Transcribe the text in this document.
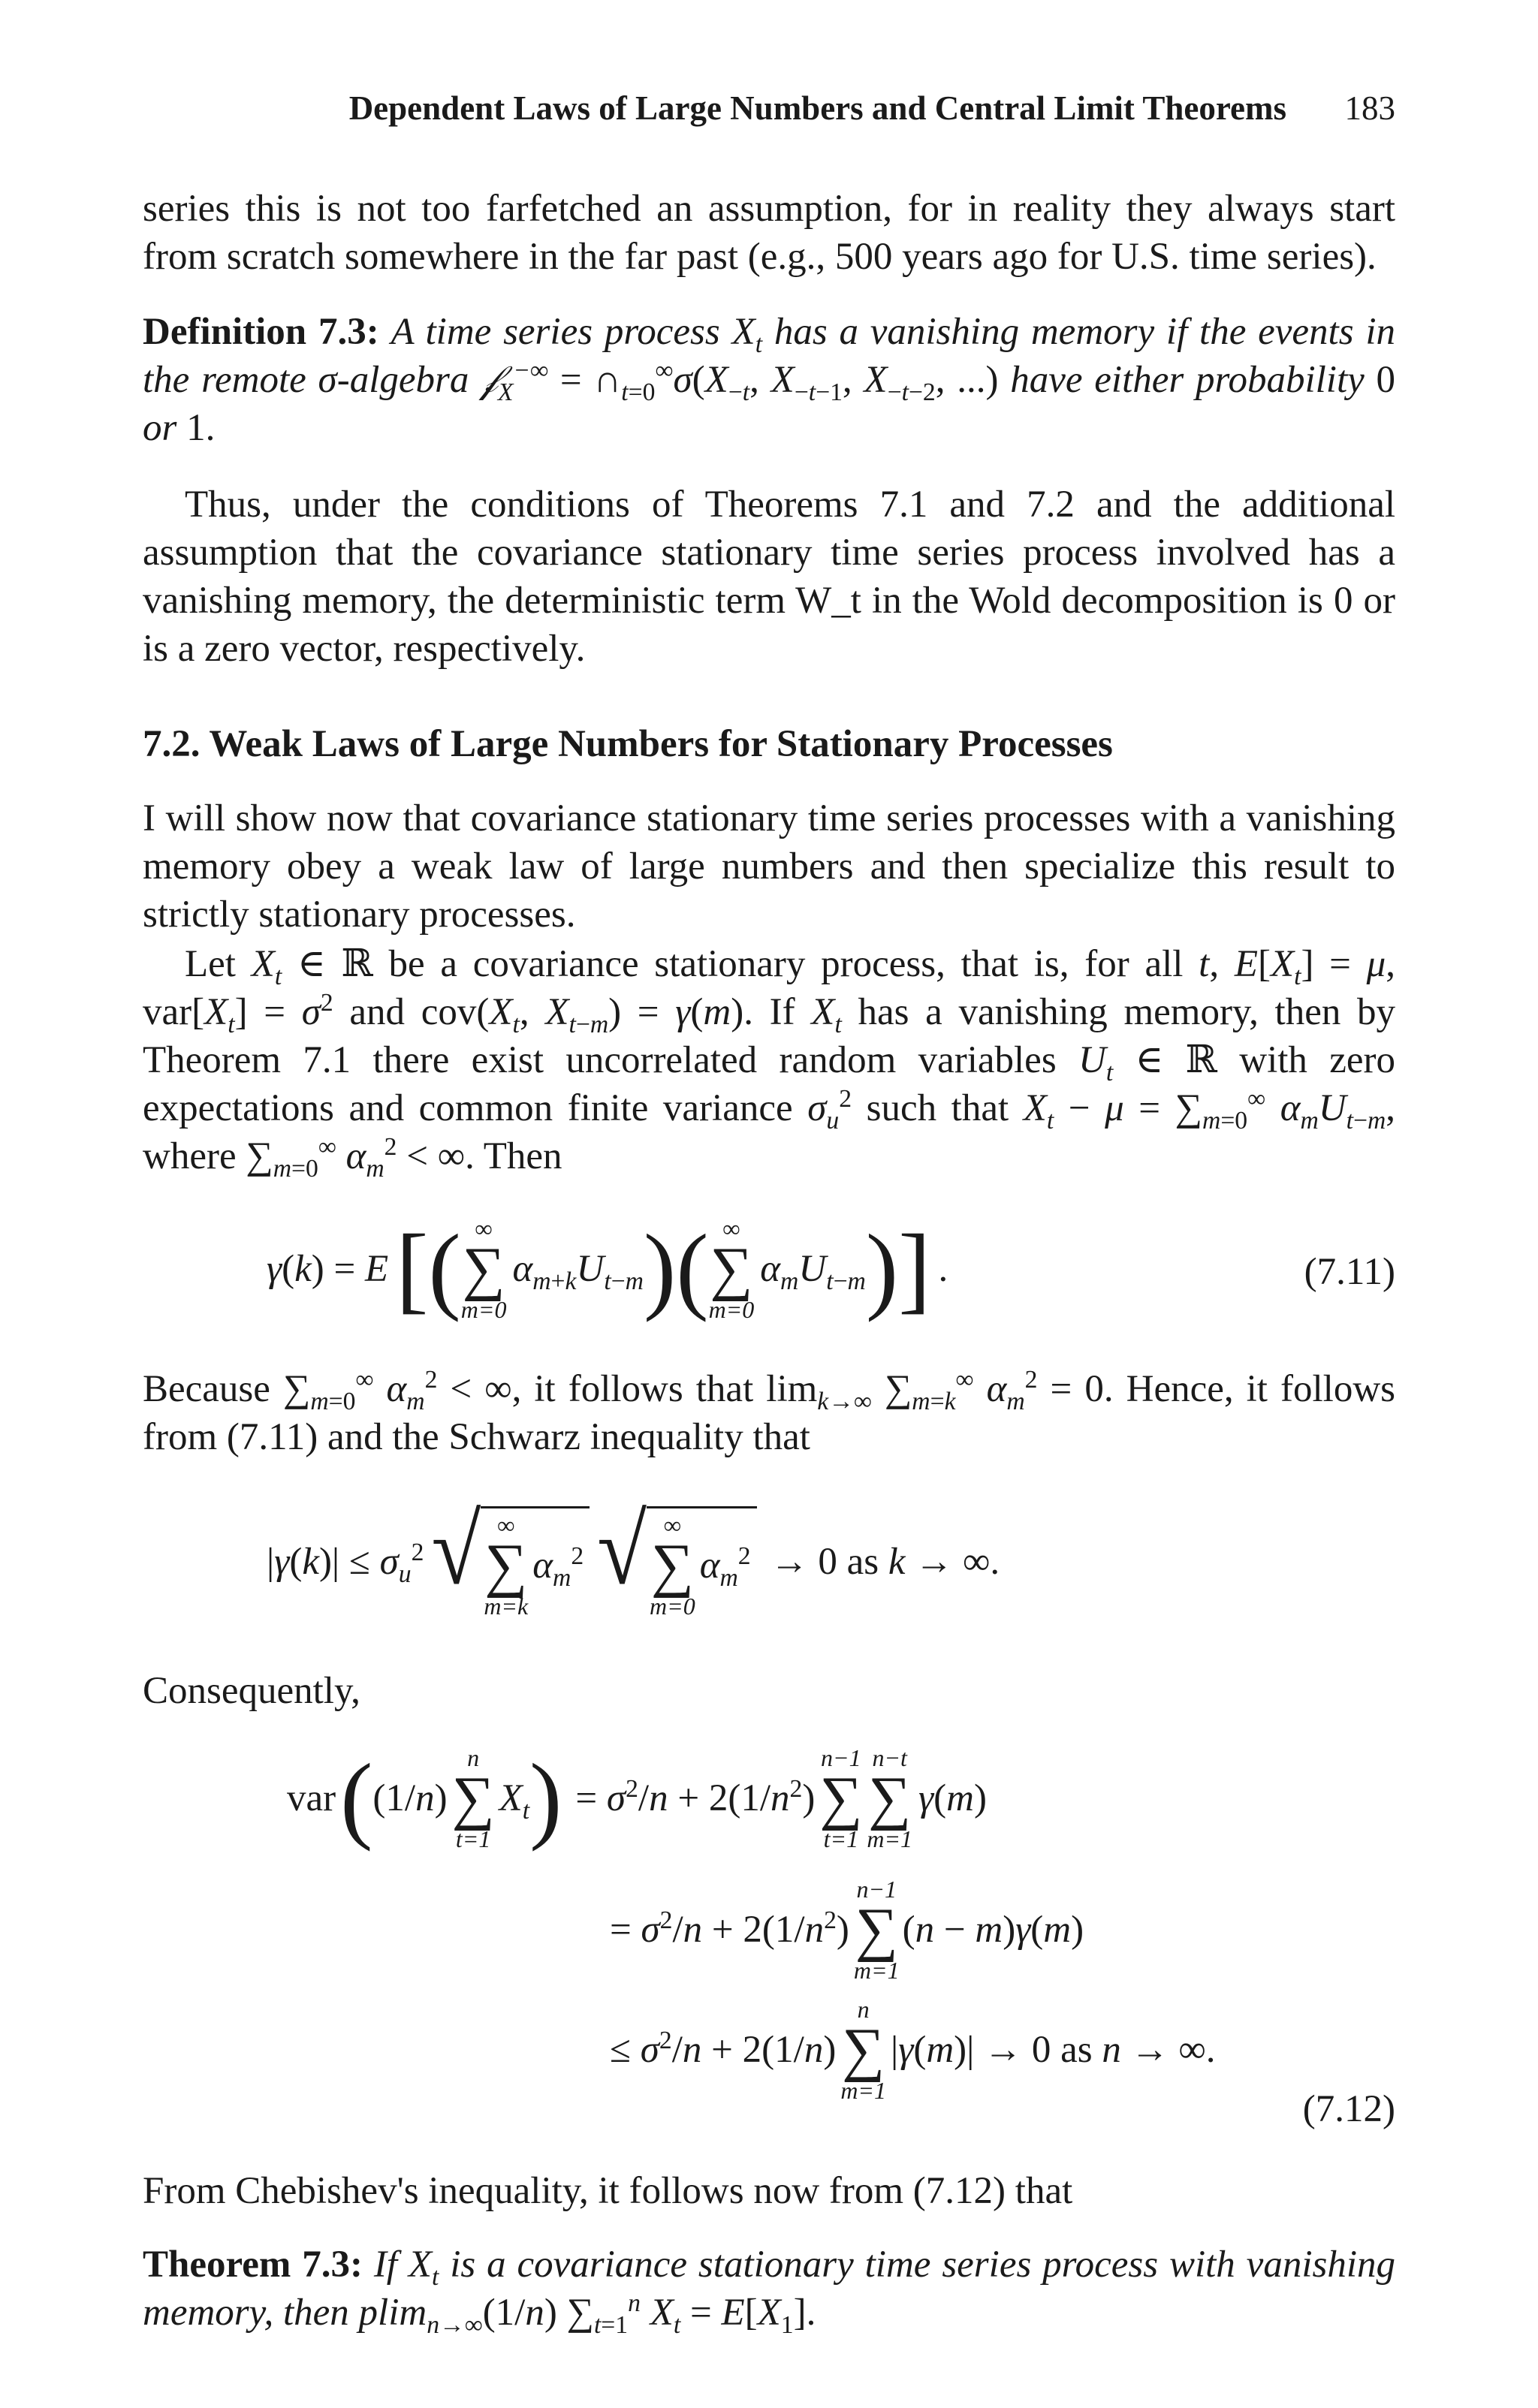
Dependent Laws of Large Numbers and Central Limit Theorems 183

series this is not too farfetched an assumption, for in reality they always start from scratch somewhere in the far past (e.g., 500 years ago for U.S. time series).

Definition 7.3: A time series process $X_t$ has a vanishing memory if the events in the remote σ-algebra 𝒻$_X$−∞ = $\cap_{t=0}^\infty\sigma(X_{-t}$, $X_{-t-1}$, $X_{-t-2}$, ...) have either probability 0 or 1.

Thus, under the conditions of Theorems 7.1 and 7.2 and the additional assumption that the covariance stationary time series process involved has a vanishing memory, the deterministic term W_t in the Wold decomposition is 0 or is a zero vector, respectively.

7.2. Weak Laws of Large Numbers for Stationary Processes

I will show now that covariance stationary time series processes with a vanishing memory obey a weak law of large numbers and then specialize this result to strictly stationary processes.

Let $X_t$ ∈ ℝ be a covariance stationary process, that is, for all t, $E[X_t] = \mu$, $var[X_t] = \sigma^2$ and $cov(X_t$, $X_{t-m}) = \gamma(m)$. If $X_t$ has a vanishing memory, then by Theorem 7.1 there exist uncorrelated random variables $U_t$ ∈ ℝ with zero expectations and common finite variance $\sigma_u^2$ such that $X_t - \mu = \sum_{m=0}^\infty$ $\alpha_mU_{t-m}$, where $\sum_{m=0}^\infty$ $\alpha_m^2$ < ∞. Then

γ(k) = E [ ( ∞
∑
m=0
$\alpha_{m+k}U_{t-m}$ ) ( ∞
∑
m=0
$\alpha_mU_{t-m}$ ) ] .	(7.11)

Because $\sum_{m=0}^\infty$ $\alpha_m^2$ < ∞, it follows that $\lim_{k\to\infty} \sum_{m=k}^\infty$ $\alpha_m^2 = 0$. Hence, it follows from (7.11) and the Schwarz inequality that

$|\gamma(k)| \le \sigma_u^2$ √ ∞
∑
m=k
$\alpha_m^2$ √ ∞
∑
m=0
$\alpha_m^2 \to 0$ as k → ∞.
Consequently,
var ( (1/n)
n
∑
t=1
$X_t$ ) = $\sigma^2/n + 2(1/n^2)$
n−1
∑
t=1
n−t
∑
m=1
γ(m)
= $\sigma^2/n + 2(1/n^2)$
n−1
∑
m=1
(n − m)γ(m)
≤ $\sigma^2/n + 2(1/n)$
n
∑
m=1
|γ(m)| → 0 as n → ∞.
(7.12)
From Chebishev's inequality, it follows now from (7.12) that

Theorem 7.3: If $X_t$ is a covariance stationary time series process with vanishing memory, then plim$_{n\to\infty}$(1/n) $\sum_{t=1}^n$ $X_t = E[X_1]$.
